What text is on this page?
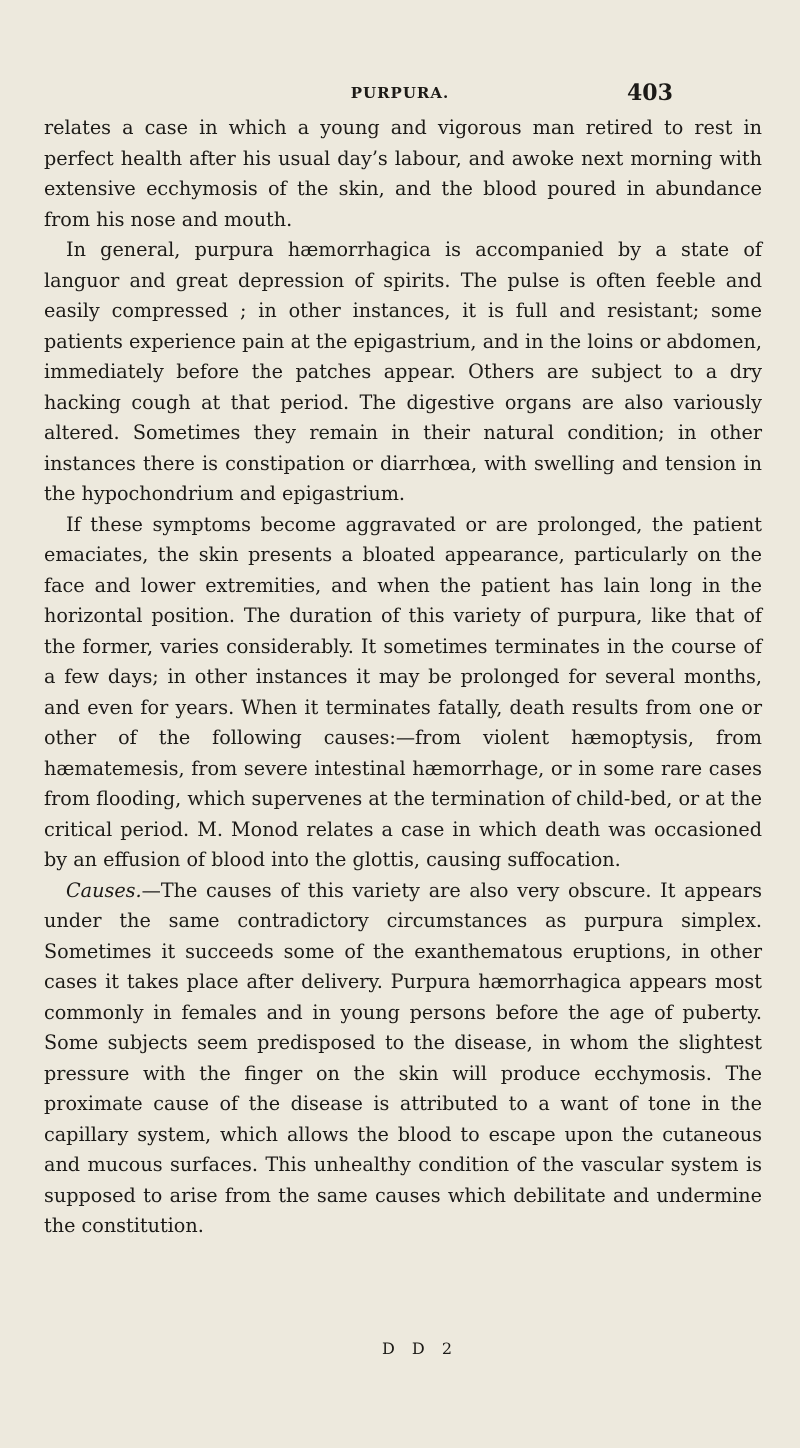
PURPURA.	403

relates a case in which a young and vigorous man retired to rest in perfect health after his usual day’s labour, and awoke next morning with extensive ecchymosis of the skin, and the blood poured in abundance from his nose and mouth.

In general, purpura hæmorrhagica is accompanied by a state of languor and great depression of spirits. The pulse is often feeble and easily compressed ; in other instances, it is full and resistant; some patients experience pain at the epigastrium, and in the loins or abdomen, immediately before the patches appear. Others are subject to a dry hacking cough at that period. The digestive organs are also variously altered. Sometimes they remain in their natural condition; in other instances there is constipation or diarrhœa, with swelling and tension in the hypochondrium and epigastrium.

If these symptoms become aggravated or are prolonged, the patient emaciates, the skin presents a bloated appearance, particularly on the face and lower extremities, and when the patient has lain long in the horizontal position. The duration of this variety of purpura, like that of the former, varies considerably. It sometimes terminates in the course of a few days; in other instances it may be prolonged for several months, and even for years. When it terminates fatally, death results from one or other of the following causes:—from violent hæmoptysis, from hæmatemesis, from severe intestinal hæmorrhage, or in some rare cases from flooding, which supervenes at the termination of child-bed, or at the critical period. M. Monod relates a case in which death was occasioned by an effusion of blood into the glottis, causing suffocation.

Causes.—The causes of this variety are also very obscure. It appears under the same contradictory circumstances as purpura simplex. Sometimes it succeeds some of the exanthematous eruptions, in other cases it takes place after delivery. Purpura hæmorrhagica appears most commonly in females and in young persons before the age of puberty. Some subjects seem predisposed to the disease, in whom the slightest pressure with the finger on the skin will produce ecchymosis. The proximate cause of the disease is attributed to a want of tone in the capillary system, which allows the blood to escape upon the cutaneous and mucous surfaces. This unhealthy condition of the vascular system is supposed to arise from the same causes which debilitate and undermine the constitution.

D D 2
